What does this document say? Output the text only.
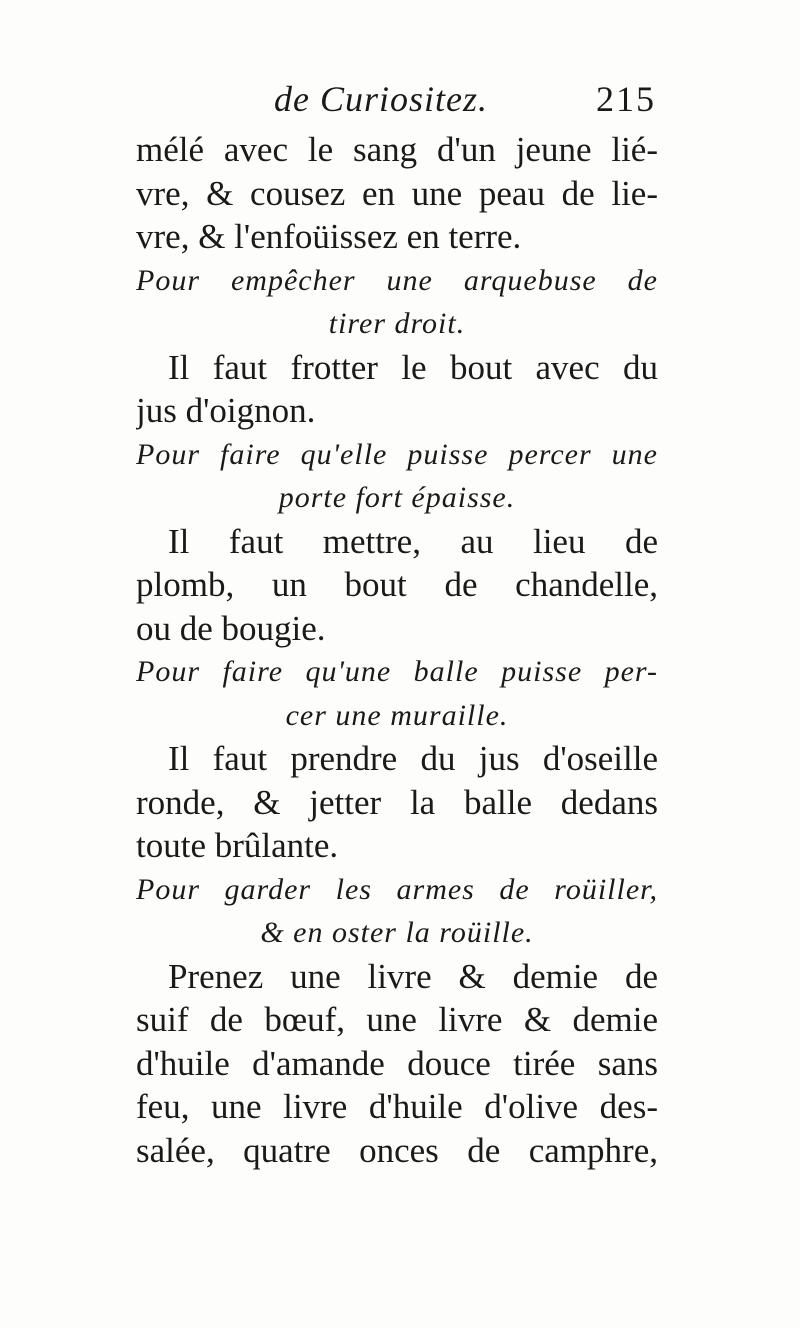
de Curiositez.	215
mélé avec le sang d'un jeune lié-
vre, & cousez en une peau de lie-
vre, & l'enfoüissez en terre.
Pour empêcher une arquebuse de
tirer droit.
Il faut frotter le bout avec du
jus d'oignon.
Pour faire qu'elle puisse percer une
porte fort épaisse.
Il faut mettre, au lieu de
plomb, un bout de chandelle,
ou de bougie.
Pour faire qu'une balle puisse per-
cer une muraille.
Il faut prendre du jus d'oseille
ronde, & jetter la balle dedans
toute brûlante.
Pour garder les armes de roüiller,
& en oster la roüille.
Prenez une livre & demie de
suif de bœuf, une livre & demie
d'huile d'amande douce tirée sans
feu, une livre d'huile d'olive des-
salée, quatre onces de camphre,
